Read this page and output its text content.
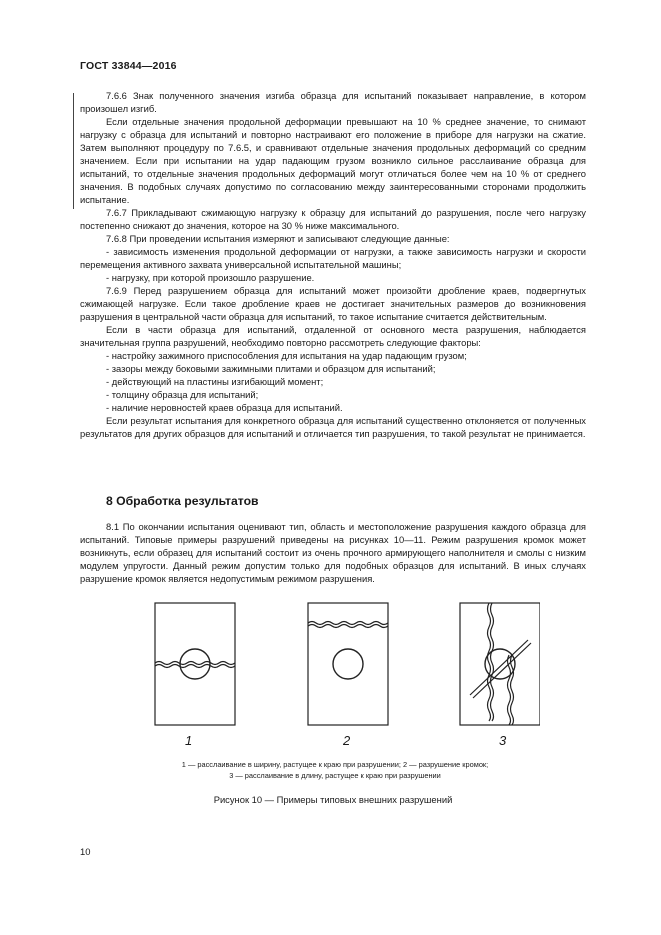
ГОСТ 33844—2016

7.6.6 Знак полученного значения изгиба образца для испытаний показывает направление, в котором произошел изгиб.

Если отдельные значения продольной деформации превышают на 10 % среднее значение, то снимают нагрузку с образца для испытаний и повторно настраивают его положение в приборе для нагрузки на сжатие. Затем выполняют процедуру по 7.6.5, и сравнивают отдельные значения продольных деформаций со средним значением. Если при испытании на удар падающим грузом возникло сильное расслаивание образца для испытаний, то отдельные значения продольных деформаций могут отличаться более чем на 10 % от среднего значения. В подобных случаях допустимо по согласованию между заинтересованными сторонами продолжить испытание.

7.6.7 Прикладывают сжимающую нагрузку к образцу для испытаний до разрушения, после чего нагрузку постепенно снижают до значения, которое на 30 % ниже максимального.

7.6.8 При проведении испытания измеряют и записывают следующие данные:

- зависимость изменения продольной деформации от нагрузки, а также зависимость нагрузки и скорости перемещения активного захвата универсальной испытательной машины;

- нагрузку, при которой произошло разрушение.

7.6.9 Перед разрушением образца для испытаний может произойти дробление краев, подвергнутых сжимающей нагрузке. Если такое дробление краев не достигает значительных размеров до возникновения разрушения в центральной части образца для испытаний, то такое испытание считается действительным.

Если в части образца для испытаний, отдаленной от основного места разрушения, наблюдается значительная группа разрушений, необходимо повторно рассмотреть следующие факторы:

- настройку зажимного приспособления для испытания на удар падающим грузом;

- зазоры между боковыми зажимными плитами и образцом для испытаний;

- действующий на пластины изгибающий момент;

- толщину образца для испытаний;

- наличие неровностей краев образца для испытаний.

Если результат испытания для конкретного образца для испытаний существенно отклоняется от полученных результатов для других образцов для испытаний и отличается тип разрушения, то такой результат не принимается.

8 Обработка результатов

8.1 По окончании испытания оценивают тип, область и местоположение разрушения каждого образца для испытаний. Типовые примеры разрушений приведены на рисунках 10—11. Режим разрушения кромок может возникнуть, если образец для испытаний состоит из очень прочного армирующего наполнителя и смолы с низким модулем упругости. Данный режим допустим только для подобных образцов для испытаний. В иных случаях разрушение кромок является недопустимым режимом разрушения.

1	2	3
1 — расслаивание в ширину, растущее к краю при разрушении; 2 — разрушение кромок;
3 — расслаивание в длину, растущее к краю при разрушении
Рисунок 10 — Примеры типовых внешних разрушений
10
